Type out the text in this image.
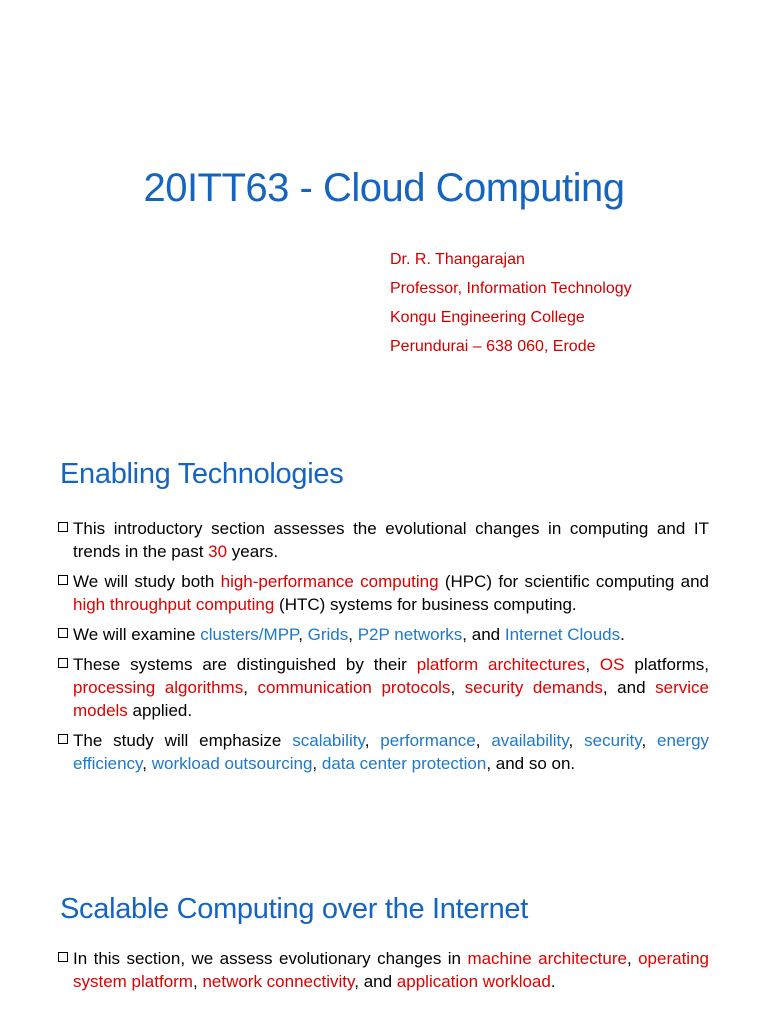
20ITT63 - Cloud Computing
Dr. R. Thangarajan
Professor, Information Technology
Kongu Engineering College
Perundurai – 638 060, Erode
Enabling Technologies
This introductory section assesses the evolutional changes in computing and IT trends in the past 30 years.
We will study both high-performance computing (HPC) for scientific computing and high throughput computing (HTC) systems for business computing.
We will examine clusters/MPP, Grids, P2P networks, and Internet Clouds.
These systems are distinguished by their platform architectures, OS platforms, processing algorithms, communication protocols, security demands, and service models applied.
The study will emphasize scalability, performance, availability, security, energy efficiency, workload outsourcing, data center protection, and so on.
Scalable Computing over the Internet
In this section, we assess evolutionary changes in machine architecture, operating system platform, network connectivity, and application workload.
